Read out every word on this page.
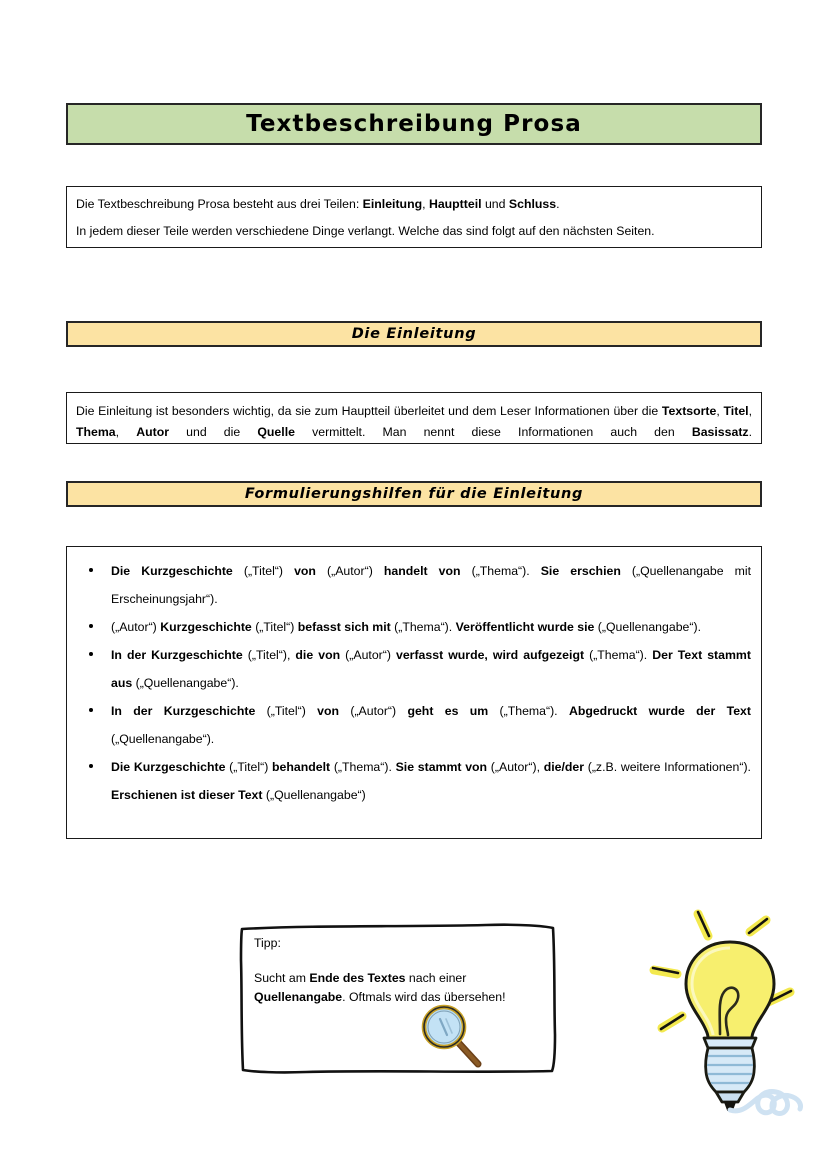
Textbeschreibung Prosa

Die Textbeschreibung Prosa besteht aus drei Teilen: Einleitung, Hauptteil und Schluss.

In jedem dieser Teile werden verschiedene Dinge verlangt. Welche das sind folgt auf den nächsten Seiten.

Die Einleitung

Die Einleitung ist besonders wichtig, da sie zum Hauptteil überleitet und dem Leser Informationen über die Textsorte, Titel, Thema, Autor und die Quelle vermittelt. Man nennt diese Informationen auch den Basissatz.

Formulierungshilfen für die Einleitung
Die Kurzgeschichte („Titel“) von („Autor“) handelt von („Thema“). Sie erschien („Quellenangabe mit Erscheinungsjahr“).
(„Autor“) Kurzgeschichte („Titel“) befasst sich mit („Thema“). Veröffentlicht wurde sie („Quellenangabe“).
In der Kurzgeschichte („Titel“), die von („Autor“) verfasst wurde, wird aufgezeigt („Thema“). Der Text stammt aus („Quellenangabe“).
In der Kurzgeschichte („Titel“) von („Autor“) geht es um („Thema“). Abgedruckt wurde der Text („Quellenangabe“).
Die Kurzgeschichte („Titel“) behandelt („Thema“). Sie stammt von („Autor“), die/der („z.B. weitere Informationen“). Erschienen ist dieser Text („Quellenangabe“)

Tipp:

Sucht am Ende des Textes nach einer Quellenangabe. Oftmals wird das übersehen!
